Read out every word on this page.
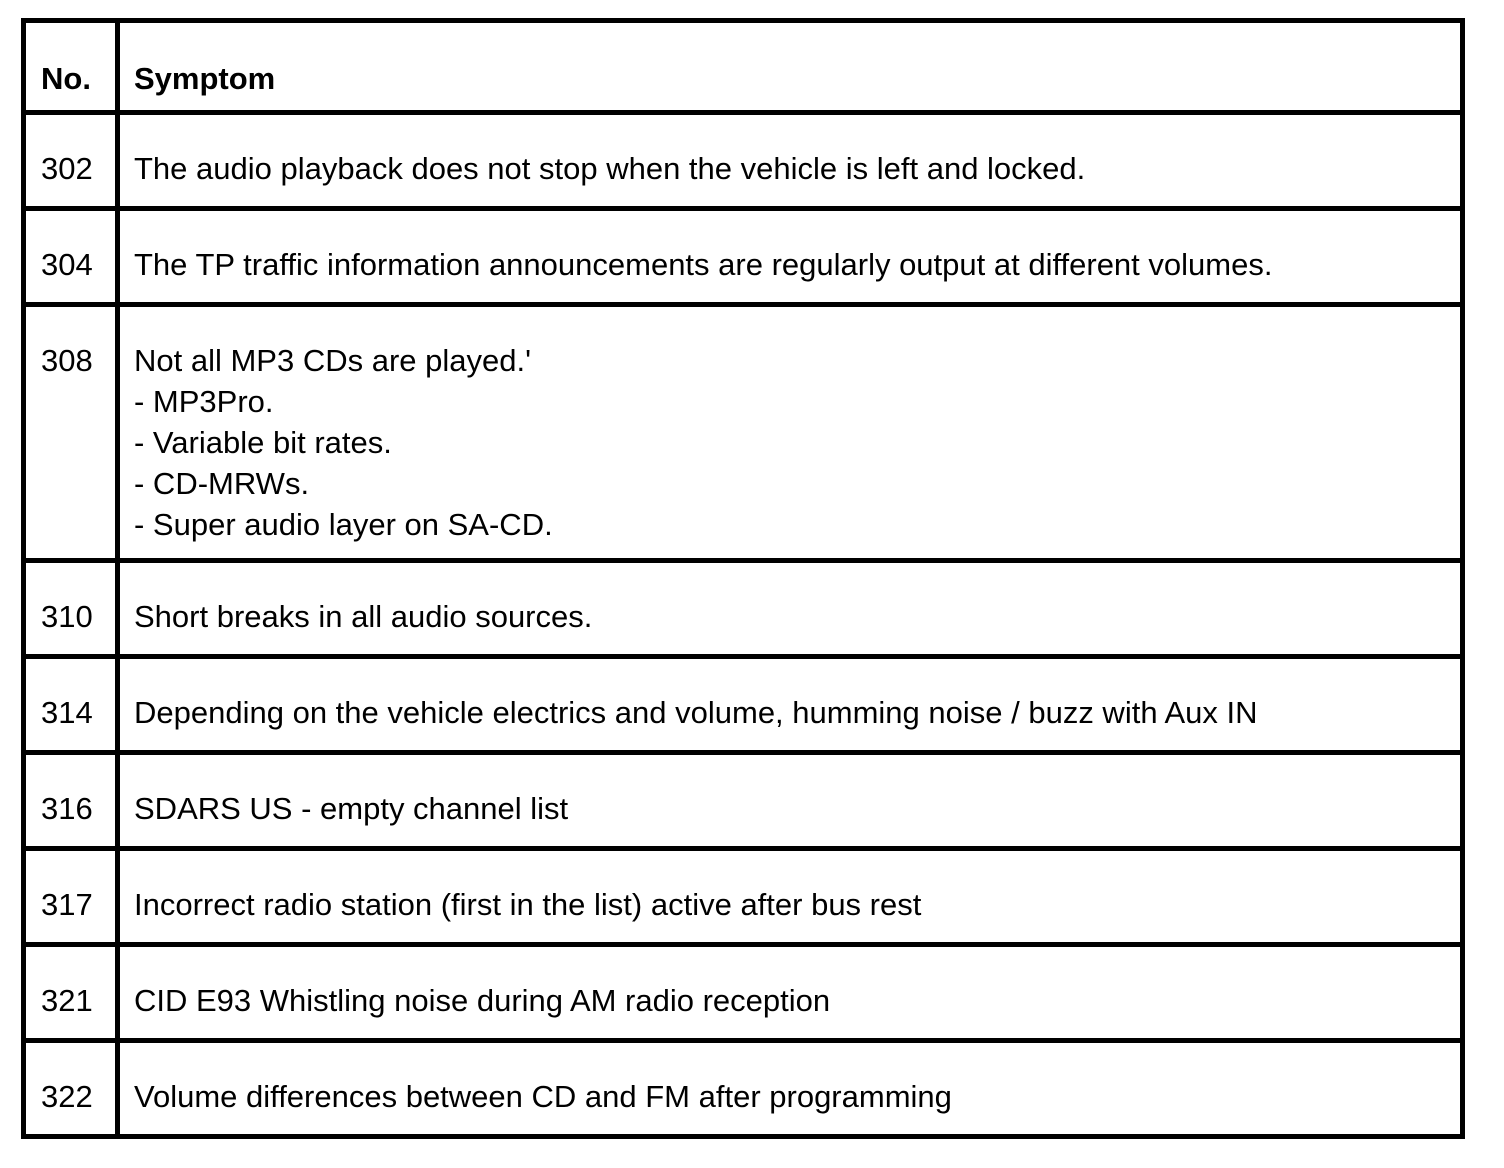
No.	Symptom
302	The audio playback does not stop when the vehicle is left and locked.

304	The TP traffic information announcements are regularly output at different volumes.

308	Not all MP3 CDs are played.'
- MP3Pro.
- Variable bit rates.
- CD-MRWs.
- Super audio layer on SA-CD.

310	Short breaks in all audio sources.

314	Depending on the vehicle electrics and volume, humming noise / buzz with Aux IN

316	SDARS US - empty channel list

317	Incorrect radio station (first in the list) active after bus rest

321	CID E93 Whistling noise during AM radio reception

322	Volume differences between CD and FM after programming
